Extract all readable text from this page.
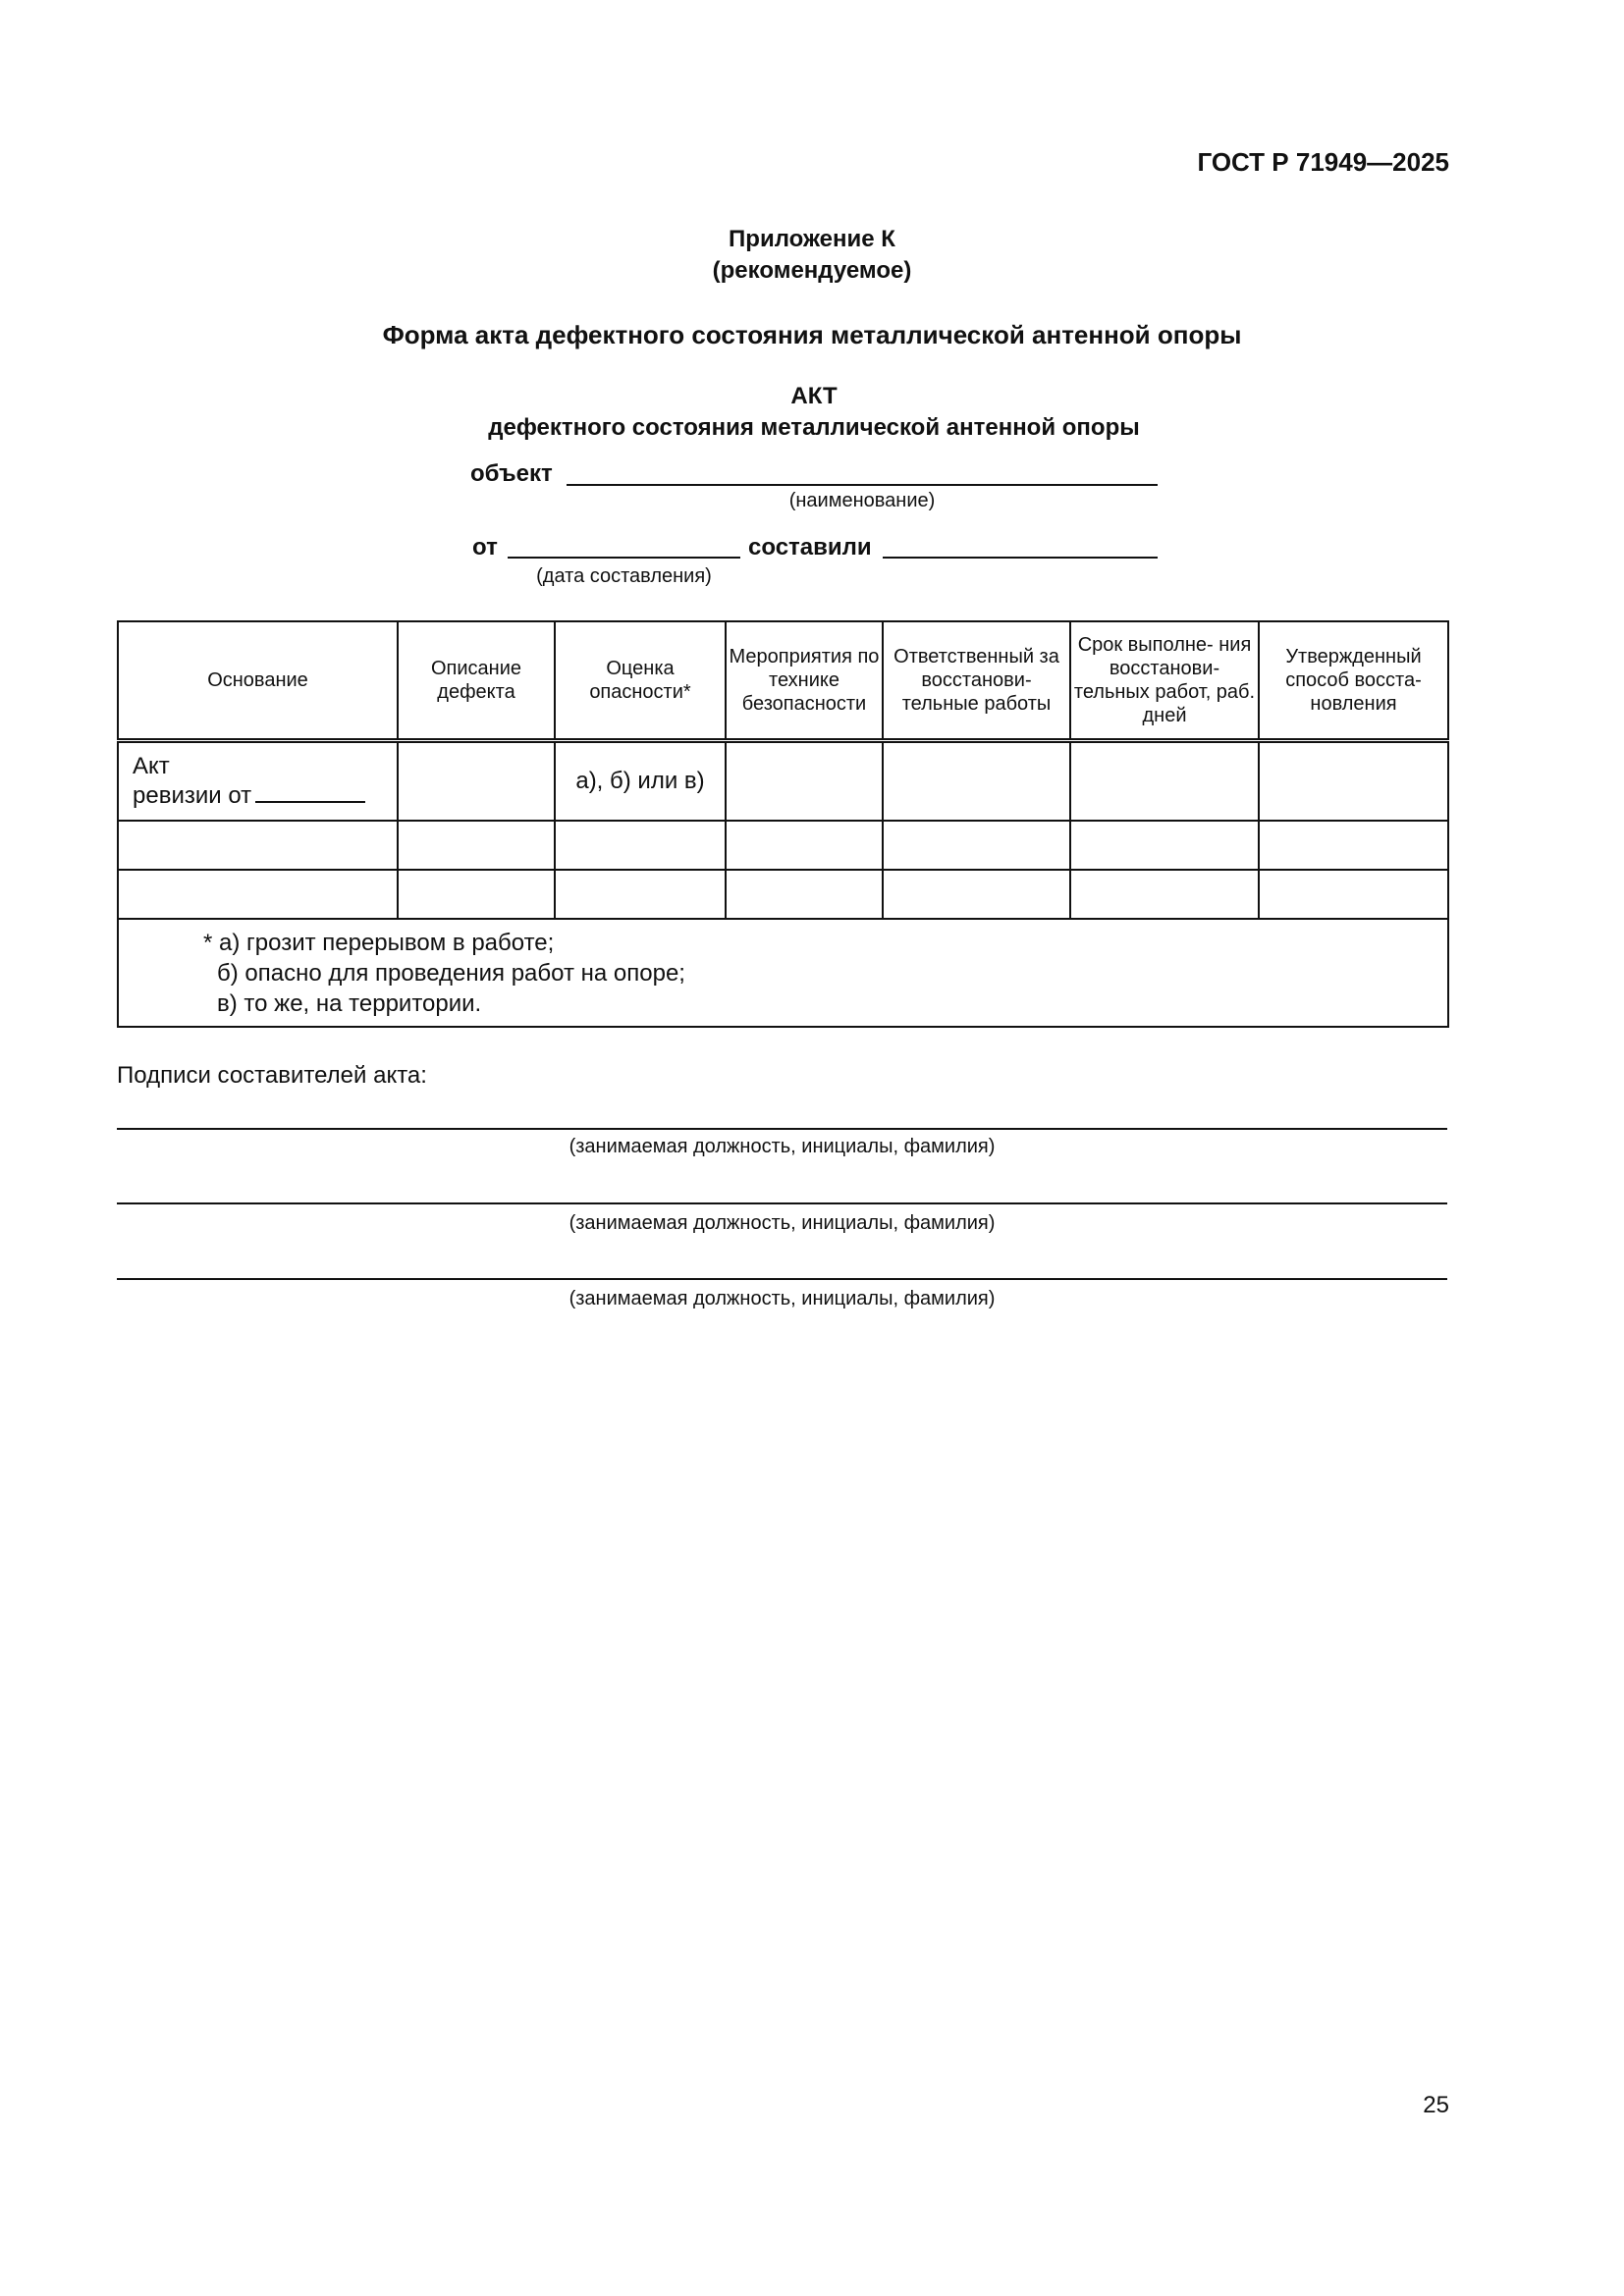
ГОСТ Р 71949—2025
Приложение К
(рекомендуемое)
Форма акта дефектного состояния металлической антенной опоры
АКТ
дефектного состояния металлической антенной опоры
объект
(наименование)
от	составили
(дата составления)
Основание	Описание дефекта	Оценка опасности*	Мероприятия по технике безопасности	Ответственный за восстанови- тельные работы	Срок выполне- ния восстанови- тельных работ, раб. дней	Утвержденный способ восста- новления
Акт
ревизии от		а), б) или в)				

* а) грозит перерывом в работе;
б) опасно для проведения работ на опоре;
в) то же, на территории.						
Подписи составителей акта:
(занимаемая должность, инициалы, фамилия)
(занимаемая должность, инициалы, фамилия)
(занимаемая должность, инициалы, фамилия)
25
